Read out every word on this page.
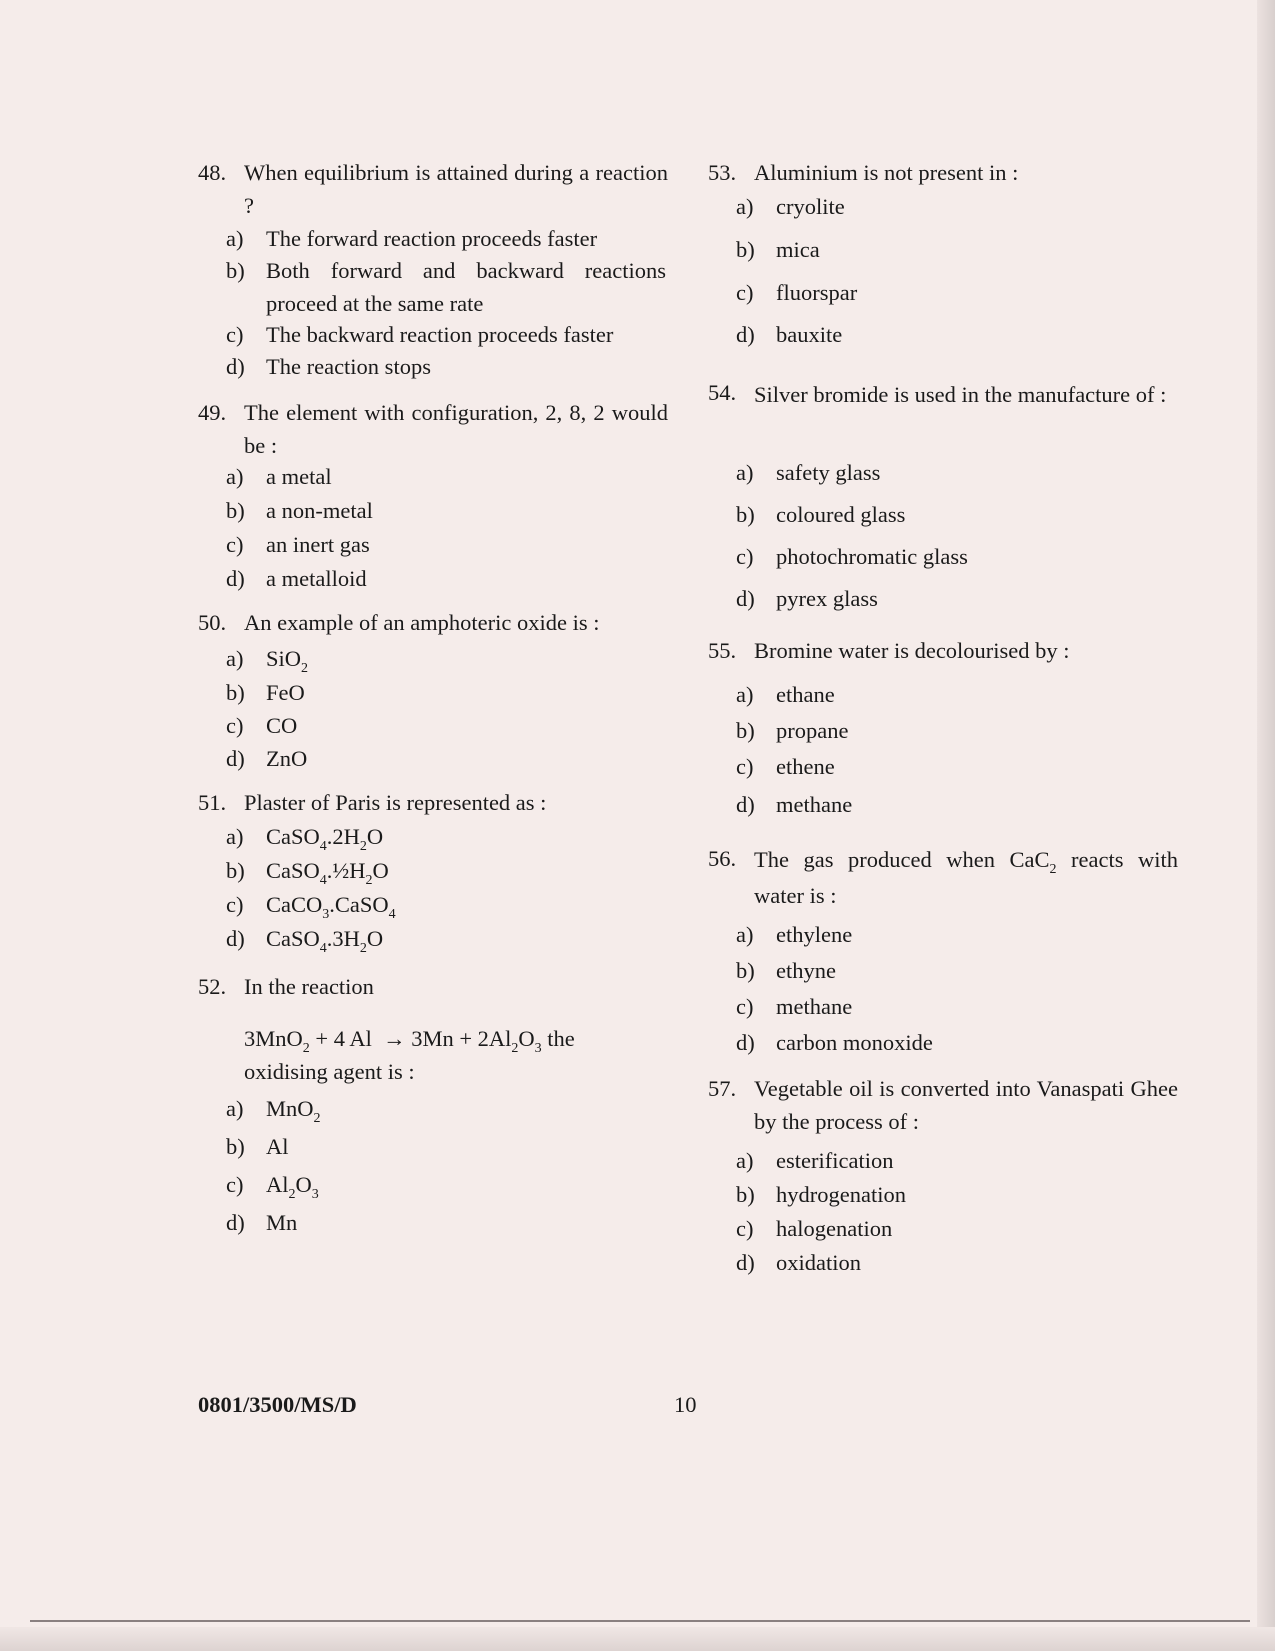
48. When equilibrium is attained during a reaction ?
a) The forward reaction proceeds faster
b) Both forward and backward reactions proceed at the same rate
c) The backward reaction proceeds faster
d) The reaction stops
49. The element with configuration, 2, 8, 2 would be :
a) a metal
b) a non-metal
c) an inert gas
d) a metalloid
50. An example of an amphoteric oxide is :
a) SiO$_2$
b) FeO
c) CO
d) ZnO
51. Plaster of Paris is represented as :
a) $CaSO_4.2H_2O$
b) $CaSO_4.\frac{1}{2}H_2O$
c) CaCO$_3$.CaSO$_4$
d) $CaSO_4.3H_2O$
52. In the reaction
3MnO$_2$ + 4 $Al \to 3Mn + 2Al_2O_3$ the
oxidising agent is :
a) MnO$_2$
b) Al
c) $Al_2O_3$
d) Mn
53. Aluminium is not present in :
a) cryolite
b) mica
c) fluorspar
d) bauxite
54. Silver bromide is used in the manufacture of :
a) safety glass
b) coloured glass
c) photochromatic glass
d) pyrex glass
55. Bromine water is decolourised by :
a) ethane
b) propane
c) ethene
d) methane
56. The gas produced when CaC$_2$ reacts with water is :
a) ethylene
b) ethyne
c) methane
d) carbon monoxide
57. Vegetable oil is converted into Vanaspati Ghee by the process of :
a) esterification
b) hydrogenation
c) halogenation
d) oxidation
0801/3500/MS/D	10
